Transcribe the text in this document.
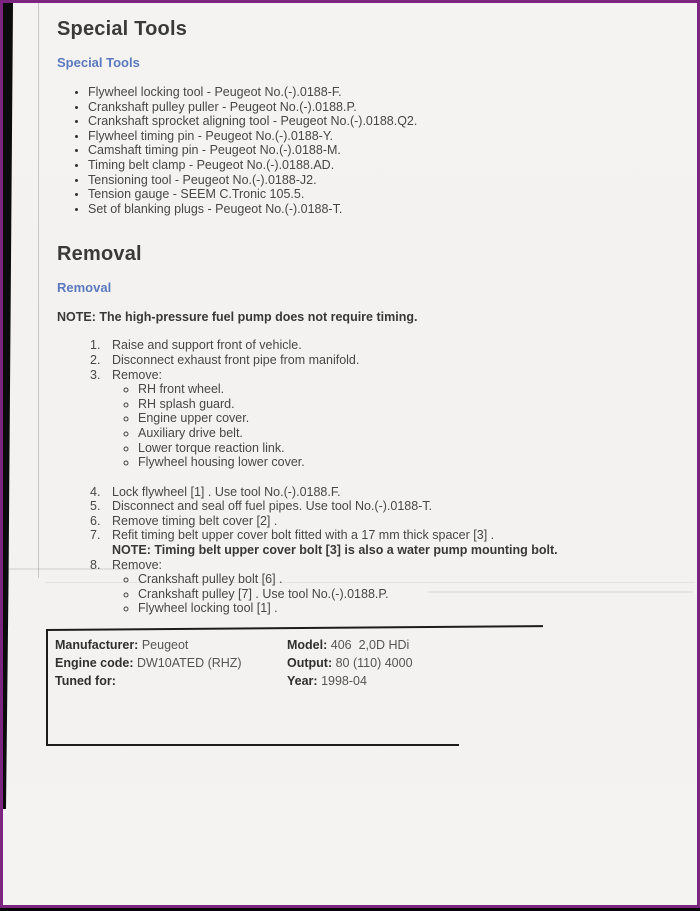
Special Tools
Special Tools
• Flywheel locking tool - Peugeot No.(-).0188-F.
• Crankshaft pulley puller - Peugeot No.(-).0188.P.
• Crankshaft sprocket aligning tool - Peugeot No.(-).0188.Q2.
• Flywheel timing pin - Peugeot No.(-).0188-Y.
• Camshaft timing pin - Peugeot No.(-).0188-M.
• Timing belt clamp - Peugeot No.(-).0188.AD.
• Tensioning tool - Peugeot No.(-).0188-J2.
• Tension gauge - SEEM C.Tronic 105.5.
• Set of blanking plugs - Peugeot No.(-).0188-T.
Removal
Removal

NOTE: The high-pressure fuel pump does not require timing.

1. Raise and support front of vehicle.
2. Disconnect exhaust front pipe from manifold.
3. Remove:
◦ RH front wheel.
◦ RH splash guard.
◦ Engine upper cover.
◦ Auxiliary drive belt.
◦ Lower torque reaction link.
◦ Flywheel housing lower cover.
4. Lock flywheel [1] . Use tool No.(-).0188.F.
5. Disconnect and seal off fuel pipes. Use tool No.(-).0188-T.
6. Remove timing belt cover [2] .
7. Refit timing belt upper cover bolt fitted with a 17 mm thick spacer [3] .
NOTE: Timing belt upper cover bolt [3] is also a water pump mounting bolt.
8. Remove:
◦ Crankshaft pulley bolt [6] .
◦ Crankshaft pulley [7] . Use tool No.(-).0188.P.
◦ Flywheel locking tool [1] .
Manufacturer: Peugeot	Model: 406  2,0D HDi
Engine code: DW10ATED (RHZ)	Output: 80 (110) 4000
Tuned for:	Year: 1998-04
